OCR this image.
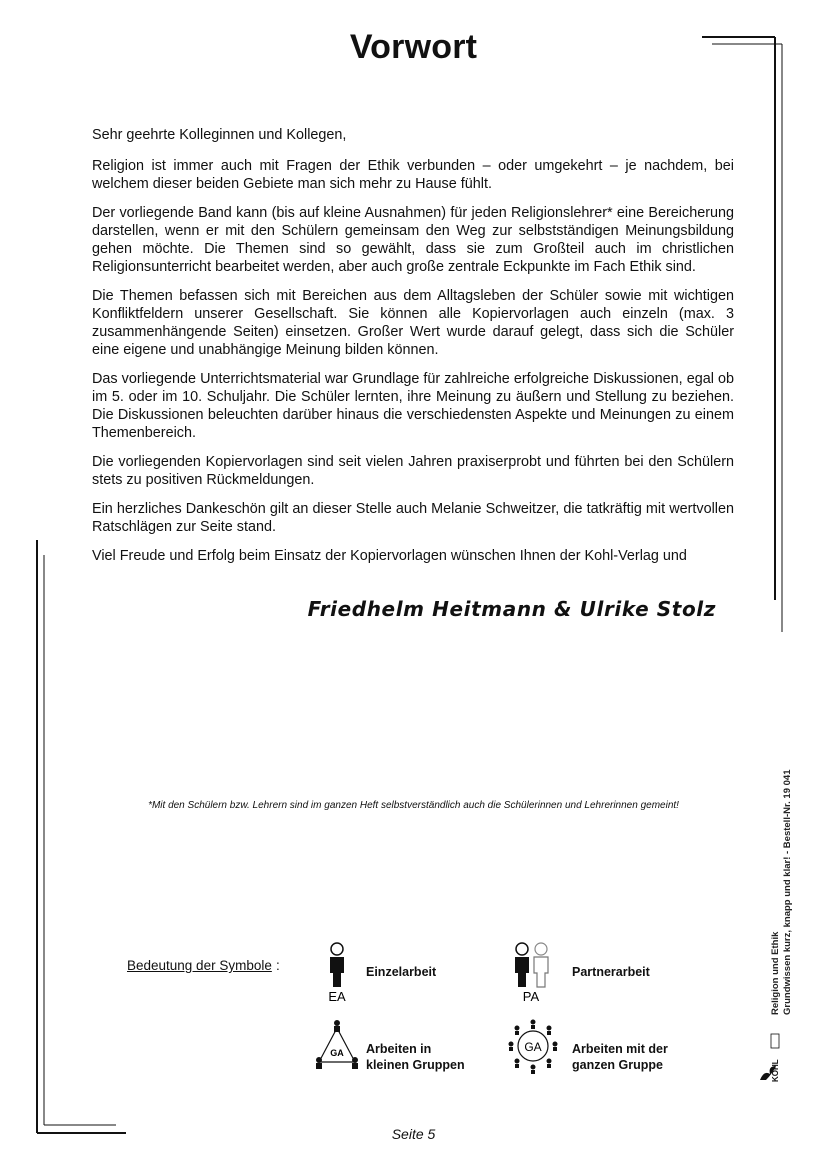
Vorwort

Sehr geehrte Kolleginnen und Kollegen,

Religion ist immer auch mit Fragen der Ethik verbunden – oder umgekehrt – je nachdem, bei welchem dieser beiden Gebiete man sich mehr zu Hause fühlt.

Der vorliegende Band kann (bis auf kleine Ausnahmen) für jeden Religionslehrer* eine Bereicherung darstellen, wenn er mit den Schülern gemeinsam den Weg zur selbstständigen Meinungsbildung gehen möchte. Die Themen sind so gewählt, dass sie zum Großteil auch im christlichen Religionsunterricht bearbeitet werden, aber auch große zentrale Eckpunkte im Fach Ethik sind.

Die Themen befassen sich mit Bereichen aus dem Alltagsleben der Schüler sowie mit wichtigen Konfliktfeldern unserer Gesellschaft. Sie können alle Kopiervorlagen auch einzeln (max. 3 zusammenhängende Seiten) einsetzen. Großer Wert wurde darauf gelegt, dass sich die Schüler eine eigene und unabhängige Meinung bilden können.

Das vorliegende Unterrichtsmaterial war Grundlage für zahlreiche erfolgreiche Diskussionen, egal ob im 5. oder im 10. Schuljahr. Die Schüler lernten, ihre Meinung zu äußern und Stellung zu beziehen. Die Diskussionen beleuchten darüber hinaus die verschiedensten Aspekte und Meinungen zu einem Themenbereich.

Die vorliegenden Kopiervorlagen sind seit vielen Jahren praxiserprobt und führten bei den Schülern stets zu positiven Rückmeldungen.

Ein herzliches Dankeschön gilt an dieser Stelle auch Melanie Schweitzer, die tatkräftig mit wertvollen Ratschlägen zur Seite stand.

Viel Freude und Erfolg beim Einsatz der Kopiervorlagen wünschen Ihnen der Kohl-Verlag und

Friedhelm Heitmann & Ulrike Stolz
*Mit den Schülern bzw. Lehrern sind im ganzen Heft selbstverständlich auch die Schülerinnen und Lehrerinnen gemeint!
Bedeutung der Symbole :
EA
Einzelarbeit
PA
Partnerarbeit
GA Arbeiten in
kleinen Gruppen
GA Arbeiten mit der
ganzen Gruppe
Religion und Ethik Grundwissen kurz, knapp und klar! - Bestell-Nr. 19 041
KOHL
Seite 5
